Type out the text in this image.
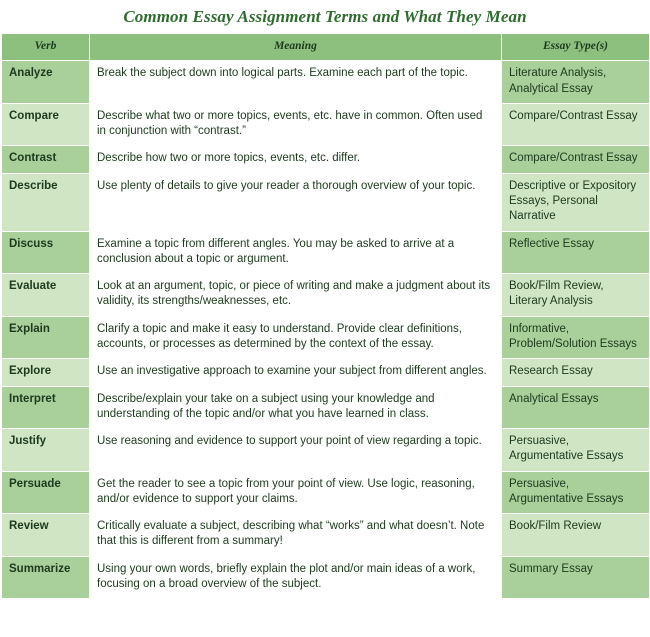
Common Essay Assignment Terms and What They Mean
Verb	Meaning	Essay Type(s)
Analyze	Break the subject down into logical parts. Examine each part of the topic.	Literature Analysis, Analytical Essay
Compare	Describe what two or more topics, events, etc. have in common. Often used in conjunction with “contrast.”	Compare/Contrast Essay
Contrast	Describe how two or more topics, events, etc. differ.	Compare/Contrast Essay
Describe	Use plenty of details to give your reader a thorough overview of your topic.	Descriptive or Expository Essays, Personal Narrative
Discuss	Examine a topic from different angles. You may be asked to arrive at a conclusion about a topic or argument.	Reflective Essay
Evaluate	Look at an argument, topic, or piece of writing and make a judgment about its validity, its strengths/weaknesses, etc.	Book/Film Review, Literary Analysis
Explain	Clarify a topic and make it easy to understand. Provide clear definitions, accounts, or processes as determined by the context of the essay.	Informative, Problem/Solution Essays
Explore	Use an investigative approach to examine your subject from different angles.	Research Essay
Interpret	Describe/explain your take on a subject using your knowledge and understanding of the topic and/or what you have learned in class.	Analytical Essays
Justify	Use reasoning and evidence to support your point of view regarding a topic.	Persuasive, Argumentative Essays
Persuade	Get the reader to see a topic from your point of view. Use logic, reasoning, and/or evidence to support your claims.	Persuasive, Argumentative Essays
Review	Critically evaluate a subject, describing what “works” and what doesn’t. Note that this is different from a summary!	Book/Film Review
Summarize	Using your own words, briefly explain the plot and/or main ideas of a work, focusing on a broad overview of the subject.	Summary Essay
